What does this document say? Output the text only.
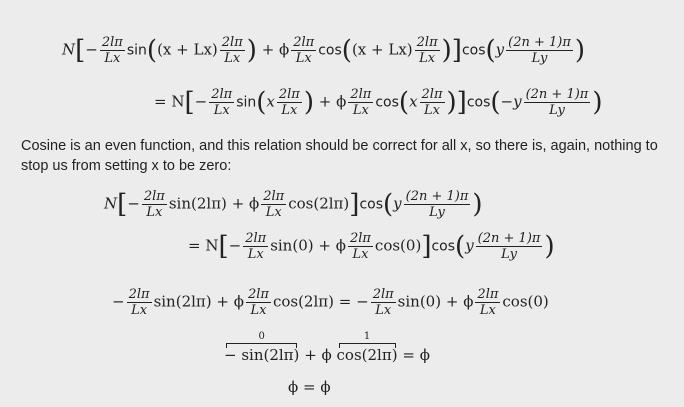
$N[- \frac{2l\pi}{Lx} \sin((x + Lx) \frac{2l\pi}{Lx}$ ) + ϕ $\frac{2l\pi}{Lx} \cos((x + Lx) \frac{2l\pi}{Lx} )]\cos(y \frac{(2n + 1)\pi}{Ly}$ )
= $N[- \frac{2l\pi}{Lx} \sin(x \frac{2l\pi}{Lx}$ ) + ϕ $\frac{2l\pi}{Lx} \cos(x \frac{2l\pi}{Lx} )]\cos(-y \frac{(2n + 1)\pi}{Ly}$ )
Cosine is an even function, and this relation should be correct for all x, so there is, again, nothing to stop us from setting x to be zero:
$N[- \frac{2l\pi}{Lx} \sin(2l\pi) + \phi \frac{2l\pi}{Lx} \cos(2l\pi)]\cos(y \frac{(2n + 1)\pi}{Ly}$ )
= $N[- \frac{2l\pi}{Lx} \sin(0) + \phi \frac{2l\pi}{Lx} \cos(0)]\cos(y \frac{(2n + 1)\pi}{Ly}$ )
− $\frac{2l\pi}{Lx} \sin(2l\pi) + \phi \frac{2l\pi}{Lx} \cos(2l\pi)$ = − $\frac{2l\pi}{Lx} \sin(0) + \phi \frac{2l\pi}{Lx} \cos(0)$
0
− sin(2lπ) + ϕ
1
cos(2lπ) = ϕ
ϕ = ϕ
